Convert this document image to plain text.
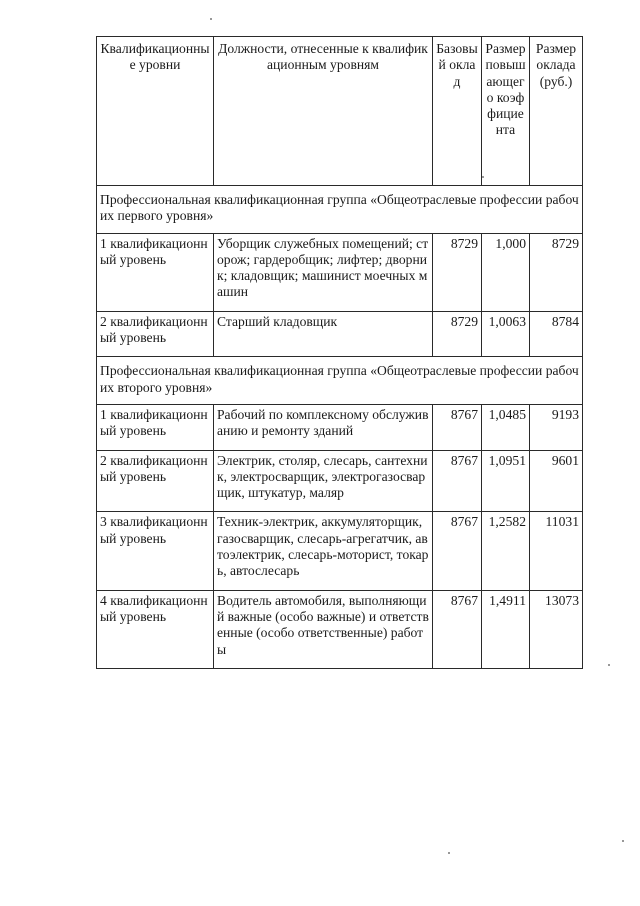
Квалификационные уровни	Должности, отнесенные к квалификационным уровням	Базовый оклад	Размер повышающего коэффициента	Размер оклада (руб.)
Профессиональная квалификационная группа «Общеотраслевые профессии рабочих первого уровня»				
1 квалификационный уровень	Уборщик служебных помещений; сторож; гардеробщик; лифтер; дворник; кладовщик; машинист моечных машин	8729	1,000	8729
2 квалификационный уровень	Старший кладовщик	8729	1,0063	8784
Профессиональная квалификационная группа «Общеотраслевые профессии рабочих второго уровня»				
1 квалификационный уровень	Рабочий по комплексному обслуживанию и ремонту зданий	8767	1,0485	9193
2 квалификационный уровень	Электрик, столяр, слесарь, сантехник, электросварщик, электрогазосварщик, штукатур, маляр	8767	1,0951	9601
3 квалификационный уровень	Техник-электрик, аккумуляторщик, газосварщик, слесарь-агрегатчик, автоэлектрик, слесарь-моторист, токарь, автослесарь	8767	1,2582	11031
4 квалификационный уровень	Водитель автомобиля, выполняющий важные (особо важные) и ответственные (особо ответственные) работы	8767	1,4911	13073
